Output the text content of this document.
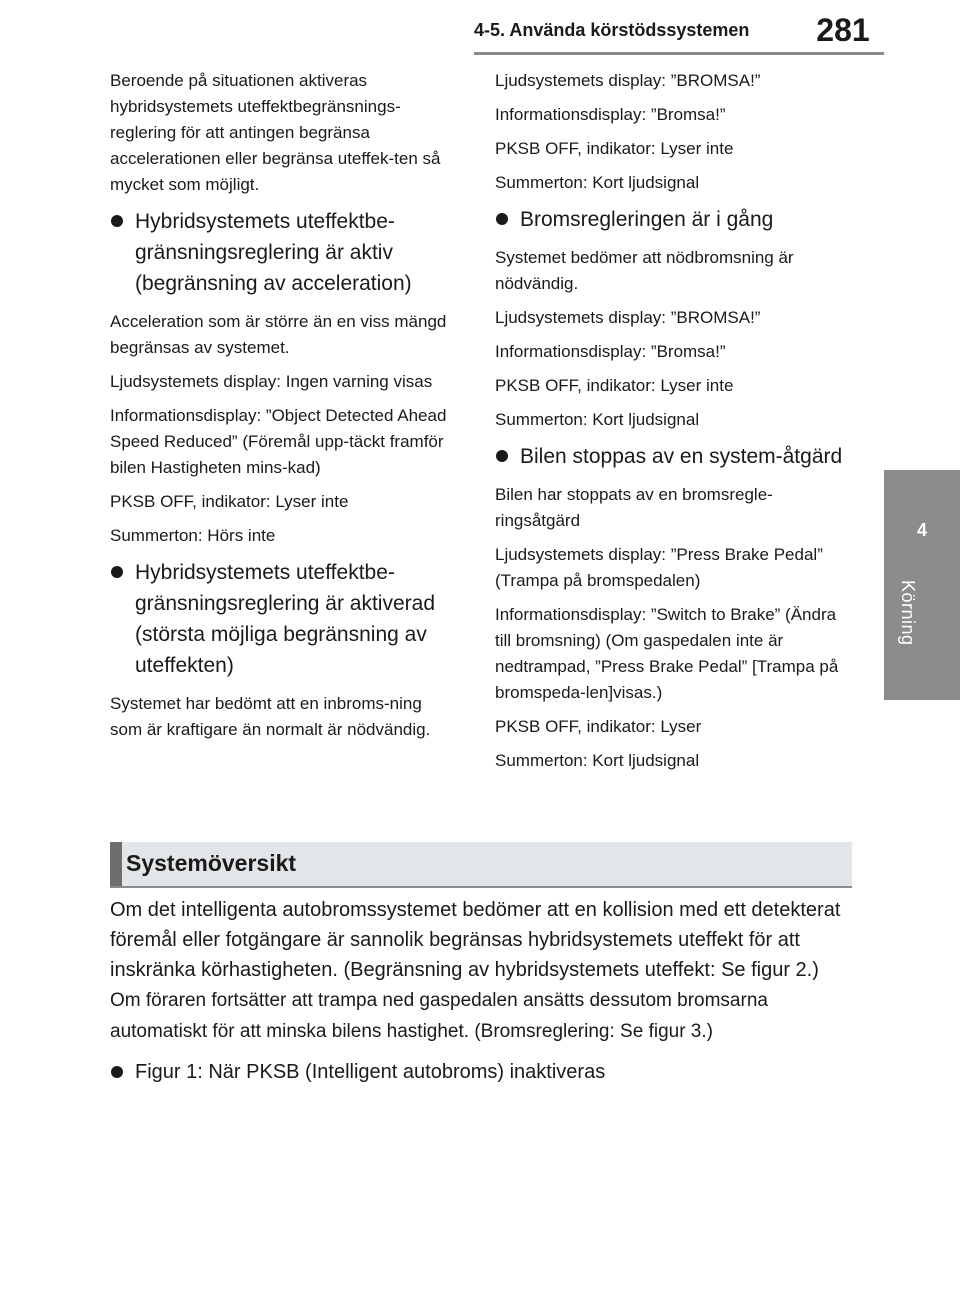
4-5. Använda körstödssystemen	281
4
Körning

Beroende på situationen aktiveras hybridsystemets uteffektbegränsnings-reglering för att antingen begränsa accelerationen eller begränsa uteffek-ten så mycket som möjligt.

Hybridsystemets uteffektbe-gränsningsreglering är aktiv (begränsning av acceleration)

Acceleration som är större än en viss mängd begränsas av systemet.

Ljudsystemets display: Ingen varning visas

Informationsdisplay: ”Object Detected Ahead Speed Reduced” (Föremål upp-täckt framför bilen Hastigheten mins-kad)

PKSB OFF, indikator: Lyser inte

Summerton: Hörs inte

Hybridsystemets uteffektbe-gränsningsreglering är aktiverad (största möjliga begränsning av uteffekten)

Systemet har bedömt att en inbroms-ning som är kraftigare än normalt är nödvändig.

Ljudsystemets display: ”BROMSA!”

Informationsdisplay: ”Bromsa!”

PKSB OFF, indikator: Lyser inte

Summerton: Kort ljudsignal

Bromsregleringen är i gång

Systemet bedömer att nödbromsning är nödvändig.

Ljudsystemets display: ”BROMSA!”

Informationsdisplay: ”Bromsa!”

PKSB OFF, indikator: Lyser inte

Summerton: Kort ljudsignal

Bilen stoppas av en system-åtgärd

Bilen har stoppats av en bromsregle-ringsåtgärd

Ljudsystemets display: ”Press Brake Pedal” (Trampa på bromspedalen)

Informationsdisplay: ”Switch to Brake” (Ändra till bromsning) (Om gaspedalen inte är nedtrampad, ”Press Brake Pedal” [Trampa på bromspeda-len]visas.)

PKSB OFF, indikator: Lyser

Summerton: Kort ljudsignal

Systemöversikt

Om det intelligenta autobromssystemet bedömer att en kollision med ett detekterat föremål eller fotgängare är sannolik begränsas hybridsystemets uteffekt för att inskränka körhastigheten. (Begränsning av hybridsystemets uteffekt: Se figur 2.)

Om föraren fortsätter att trampa ned gaspedalen ansätts dessutom bromsarna automatiskt för att minska bilens hastighet. (Bromsreglering: Se figur 3.)

Figur 1: När PKSB (Intelligent autobroms) inaktiveras
